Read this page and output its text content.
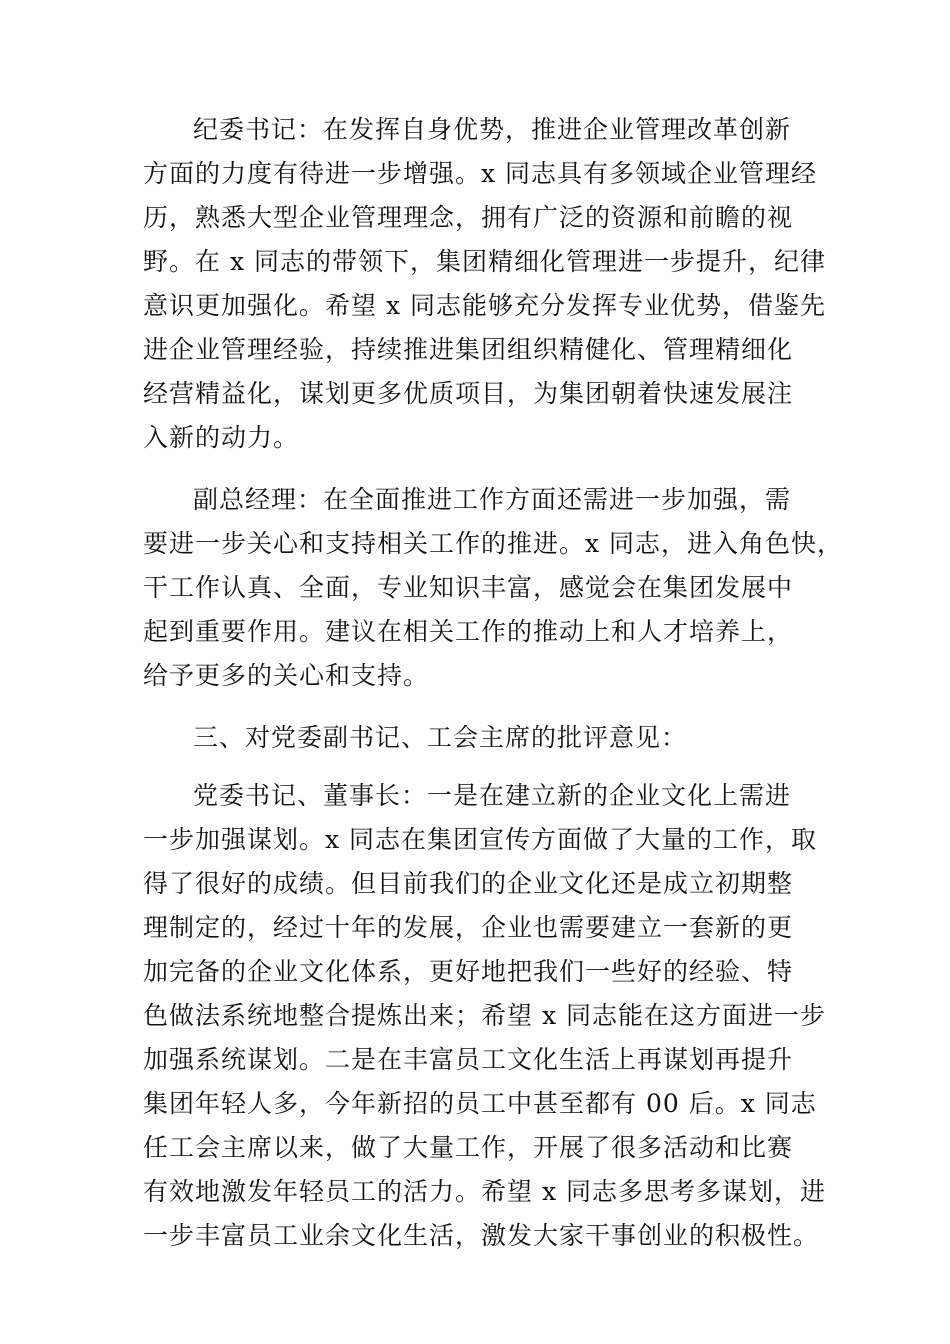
纪委书记：在发挥自身优势，推进企业管理改革创新
方面的力度有待进一步增强。x 同志具有多领域企业管理经
历，熟悉大型企业管理理念，拥有广泛的资源和前瞻的视
野。在 x 同志的带领下，集团精细化管理进一步提升，纪律
意识更加强化。希望 x 同志能够充分发挥专业优势，借鉴先
进企业管理经验，持续推进集团组织精健化、管理精细化
经营精益化，谋划更多优质项目，为集团朝着快速发展注
入新的动力。
副总经理：在全面推进工作方面还需进一步加强，需
要进一步关心和支持相关工作的推进。x 同志，进入角色快，
干工作认真、全面，专业知识丰富，感觉会在集团发展中
起到重要作用。建议在相关工作的推动上和人才培养上，
给予更多的关心和支持。
三、对党委副书记、工会主席的批评意见：
党委书记、董事长：一是在建立新的企业文化上需进
一步加强谋划。x 同志在集团宣传方面做了大量的工作，取
得了很好的成绩。但目前我们的企业文化还是成立初期整
理制定的，经过十年的发展，企业也需要建立一套新的更
加完备的企业文化体系，更好地把我们一些好的经验、特
色做法系统地整合提炼出来；希望 x 同志能在这方面进一步
加强系统谋划。二是在丰富员工文化生活上再谋划再提升
集团年轻人多，今年新招的员工中甚至都有 00 后。x 同志
任工会主席以来，做了大量工作，开展了很多活动和比赛
有效地激发年轻员工的活力。希望 x 同志多思考多谋划，进
一步丰富员工业余文化生活，激发大家干事创业的积极性。
